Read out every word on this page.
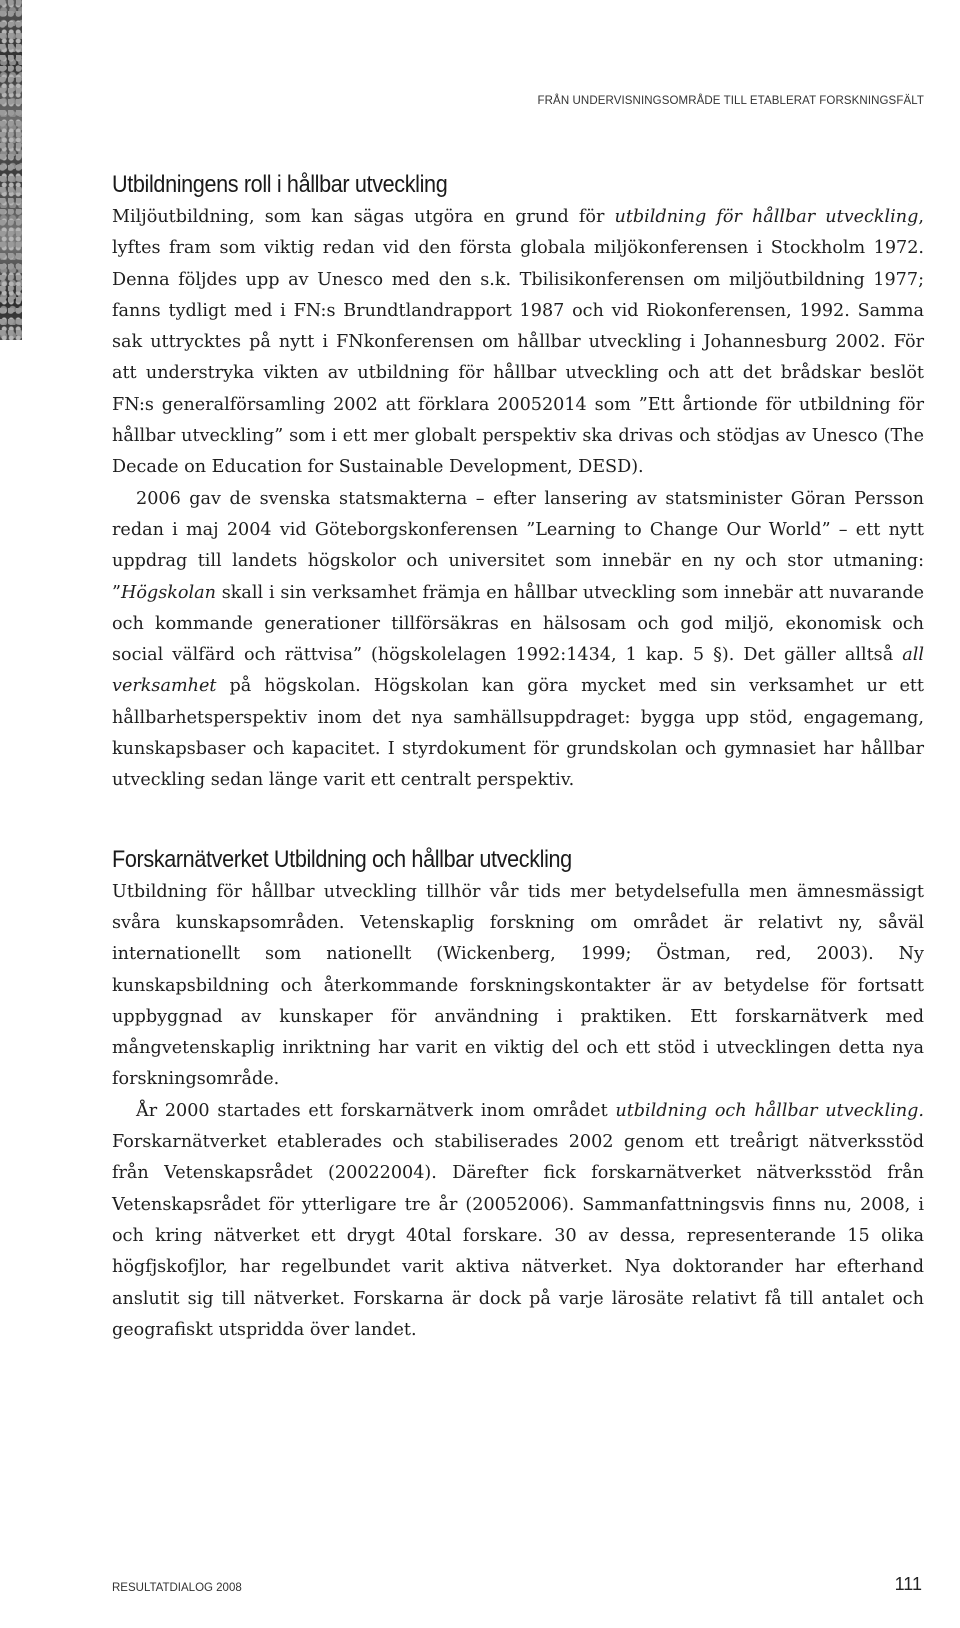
FRÅN UNDERVISNINGSOMRÅDE TILL ETABLERAT FORSKNINGSFÄLT
Utbildningens roll i hållbar utveckling

Miljöutbildning, som kan sägas utgöra en grund för utbildning för hållbar utveckling, lyftes fram som viktig redan vid den första globala miljökonferensen i Stockholm 1972. Denna följdes upp av Unesco med den s.k. Tbilisikonferensen om miljöutbildning 1977; fanns tydligt med i FN:s Brundtlandrapport 1987 och vid Riokonferensen, 1992. Samma sak uttrycktes på nytt i FNkonferensen om hållbar utveckling i Johannesburg 2002. För att understryka vikten av utbildning för hållbar utveckling och att det brådskar beslöt FN:s generalförsamling 2002 att förklara 20052014 som ”Ett årtionde för utbildning för hållbar utveckling” som i ett mer globalt perspektiv ska drivas och stödjas av Unesco (The Decade on Education for Sustainable Development, DESD).

2006 gav de svenska statsmakterna – efter lansering av statsminister Göran Persson redan i maj 2004 vid Göteborgskonferensen ”Learning to Change Our World” – ett nytt uppdrag till landets högskolor och universitet som innebär en ny och stor utmaning: ”Högskolan skall i sin verksamhet främja en hållbar utveckling som innebär att nuvarande och kommande generationer tillförsäkras en hälsosam och god miljö, ekonomisk och social välfärd och rättvisa” (högskolelagen 1992:1434, 1 kap. 5 §). Det gäller alltså all verksamhet på högskolan. Högskolan kan göra mycket med sin verksamhet ur ett hållbarhetsperspektiv inom det nya samhällsuppdraget: bygga upp stöd, engagemang, kunskapsbaser och kapacitet. I styrdokument för grundskolan och gymnasiet har hållbar utveckling sedan länge varit ett centralt perspektiv.

Forskarnätverket Utbildning och hållbar utveckling

Utbildning för hållbar utveckling tillhör vår tids mer betydelsefulla men ämnesmässigt svåra kunskapsområden. Vetenskaplig forskning om området är relativt ny, såväl internationellt som nationellt (Wickenberg, 1999; Östman, red, 2003). Ny kunskapsbildning och återkommande forskningskontakter är av betydelse för fortsatt uppbyggnad av kunskaper för användning i praktiken. Ett forskarnätverk med mångvetenskaplig inriktning har varit en viktig del och ett stöd i utvecklingen detta nya forskningsområde.

År 2000 startades ett forskarnätverk inom området utbildning och hållbar utveckling. Forskarnätverket etablerades och stabiliserades 2002 genom ett treårigt nätverksstöd från Vetenskapsrådet (20022004). Därefter fick forskarnätverket nätverksstöd från Vetenskapsrådet för ytterligare tre år (20052006). Sammanfattningsvis finns nu, 2008, i och kring nätverket ett drygt 40tal forskare. 30 av dessa, representerande 15 olika högfjskofjlor, har regelbundet varit aktiva nätverket. Nya doktorander har efterhand anslutit sig till nätverket. Forskarna är dock på varje lärosäte relativt få till antalet och geografiskt utspridda över landet.

RESULTATDIALOG 2008	111
